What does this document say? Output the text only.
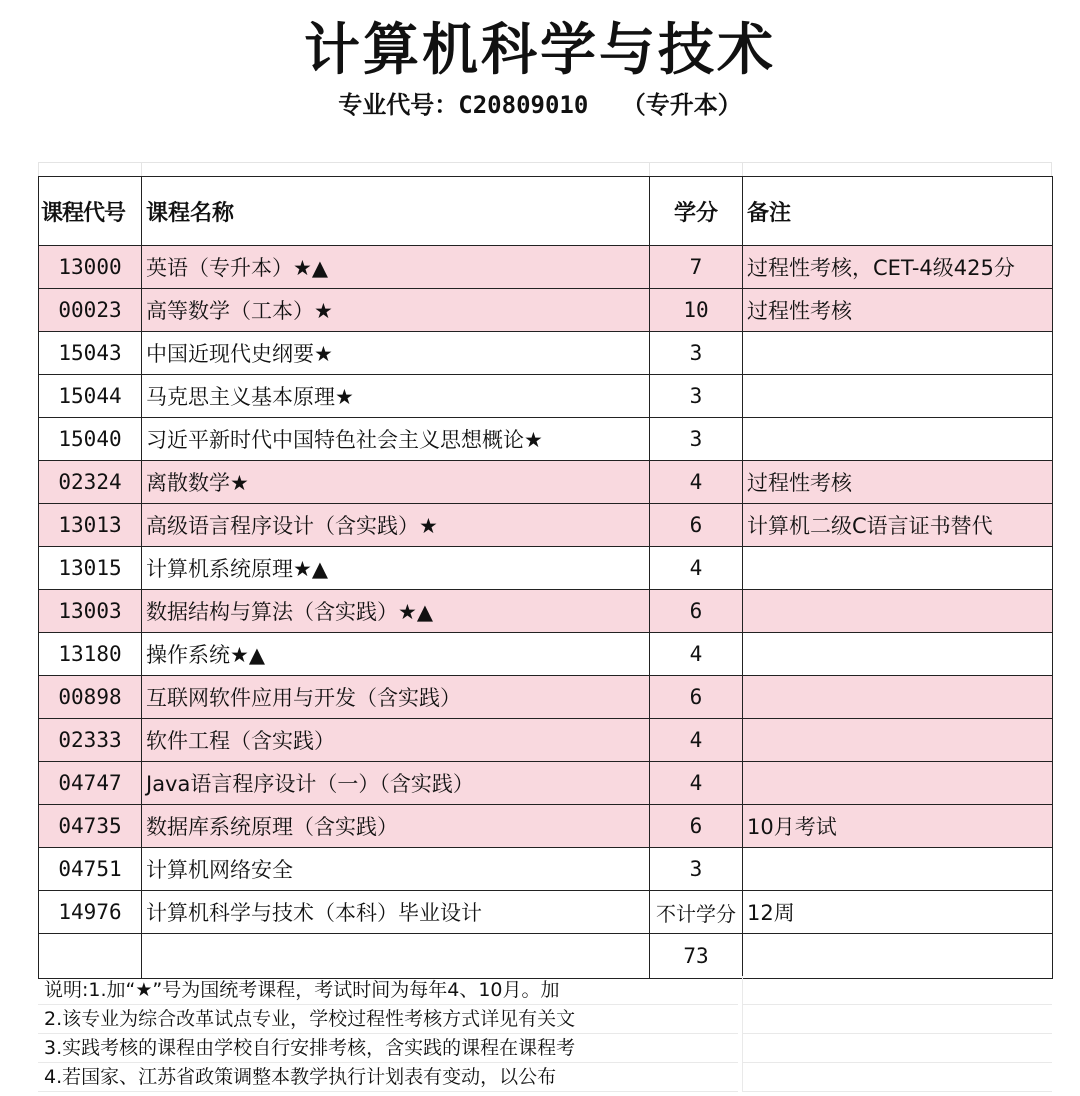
计算机科学与技术
专业代号：C20809010 （专升本）
课程代号	课程名称	学分	备注
13000	英语（专升本）★▲	7	过程性考核，CET-4级425分
00023	高等数学（工本）★	10	过程性考核
15043	中国近现代史纲要★	3	
15044	马克思主义基本原理★	3	
15040	习近平新时代中国特色社会主义思想概论★	3	
02324	离散数学★	4	过程性考核
13013	高级语言程序设计（含实践）★	6	计算机二级C语言证书替代
13015	计算机系统原理★▲	4	
13003	数据结构与算法（含实践）★▲	6	
13180	操作系统★▲	4	
00898	互联网软件应用与开发（含实践）	6	
02333	软件工程（含实践）	4	
04747	Java语言程序设计（一）（含实践）	4	
04735	数据库系统原理（含实践）	6	10月考试
04751	计算机网络安全	3	
14976	计算机科学与技术（本科）毕业设计	不计学分	12周
		73	
说明:1.加“★”号为国统考课程，考试时间为每年4、10月。加
2.该专业为综合改革试点专业，学校过程性考核方式详见有关文
3.实践考核的课程由学校自行安排考核，含实践的课程在课程考
4.若国家、江苏省政策调整本教学执行计划表有变动，以公布
